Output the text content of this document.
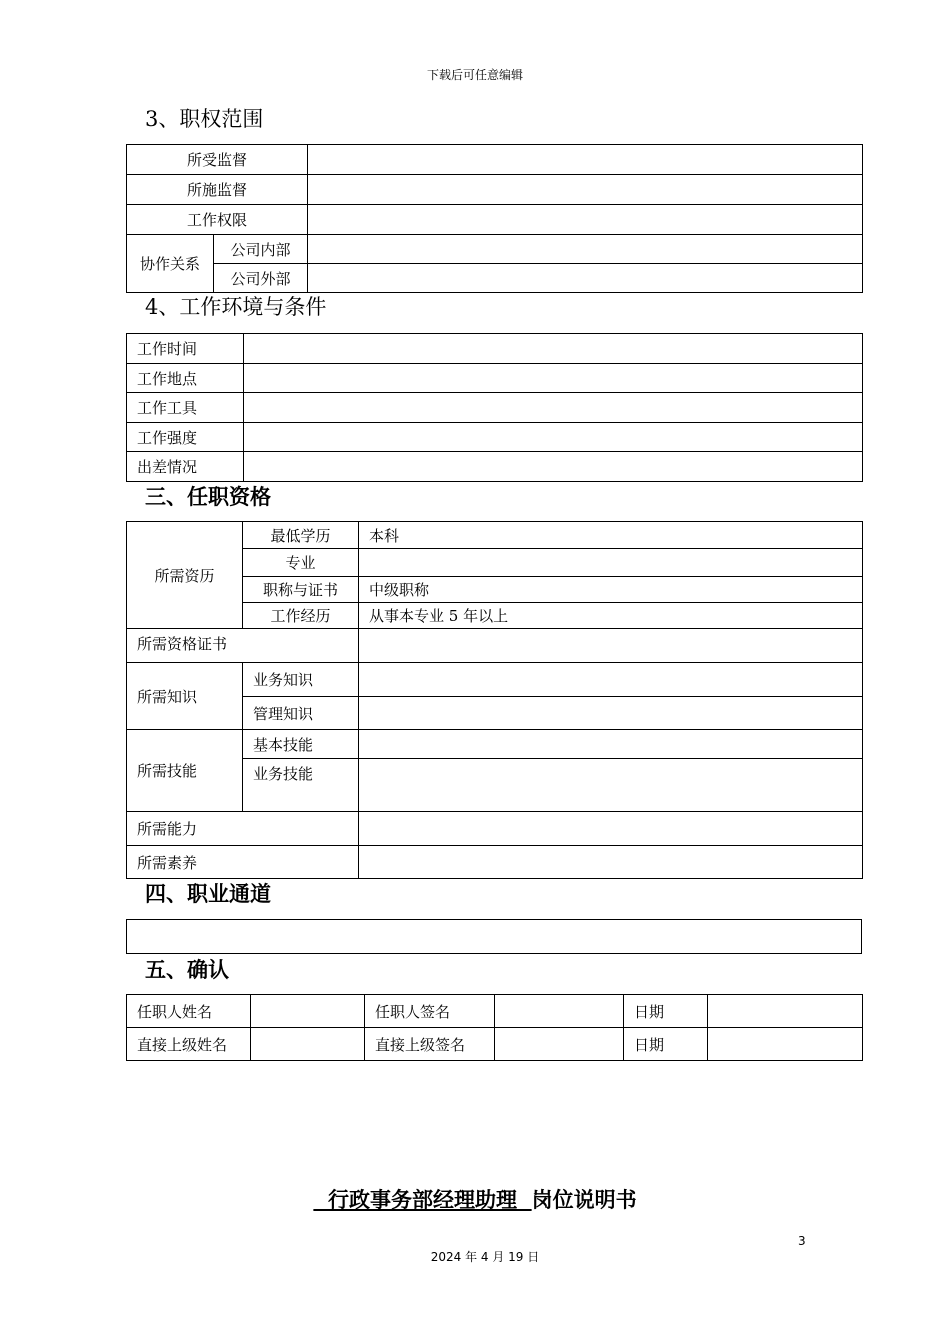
下载后可任意编辑
3、职权范围
所受监督		
所施监督		
工作权限		
协作关系	公司内部	
	公司外部	
4、工作环境与条件
工作时间	
工作地点	
工作工具	
工作强度	
出差情况	
三、任职资格
所需资历	最低学历	本科
	专业	
	职称与证书	中级职称
	工作经历	从事本专业 5 年以上
所需资格证书		
所需知识	业务知识	
	管理知识	
所需技能	基本技能	
	业务技能	
所需能力		
所需素养		
四、职业通道
五、确认
任职人姓名		任职人签名		日期	
直接上级姓名		直接上级签名		日期	
行政事务部经理助理  岗位说明书
3
2024 年 4 月 19 日
